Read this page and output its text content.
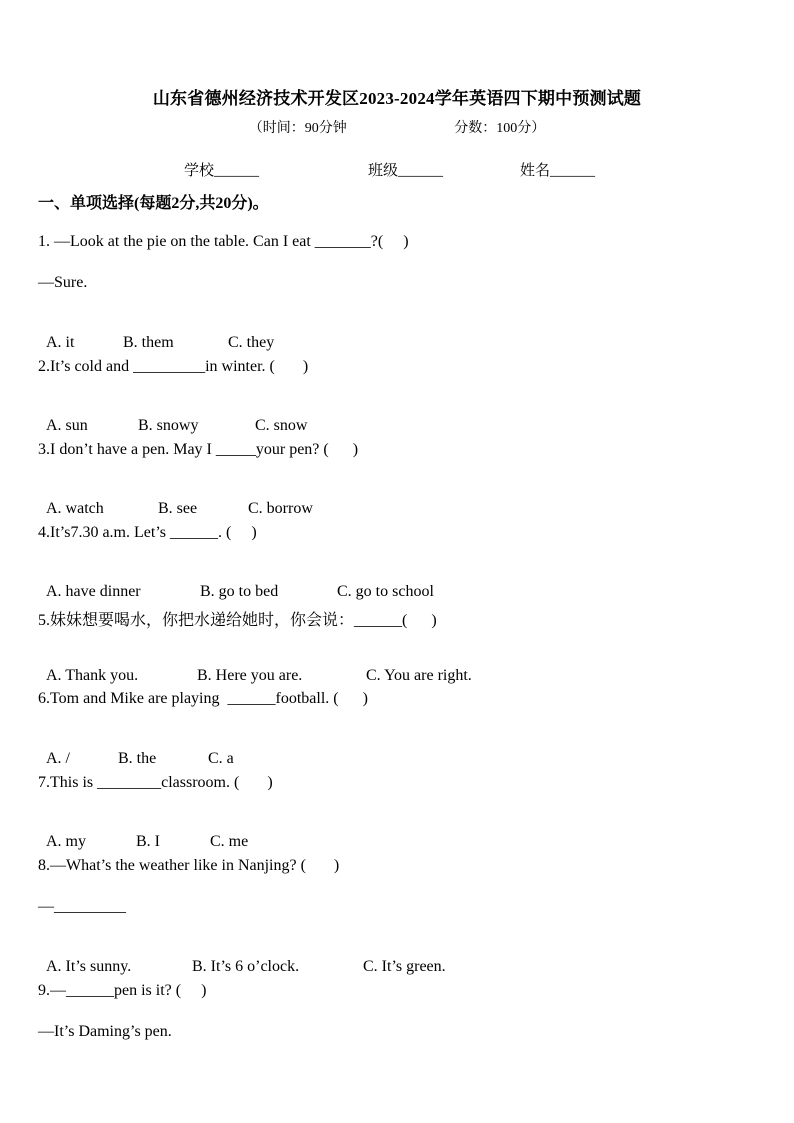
山东省德州经济技术开发区2023-2024学年英语四下期中预测试题
（时间：90分钟	分数：100分）
学校______	班级______	姓名______
一、单项选择(每题2分,共20分)。
1. —Look at the pie on the table. Can I eat _______?(     )
—Sure.

A. it	B. them	C. they

2.It’s cold and _________in winter. (       )

A. sun	B. snowy	C. snow

3.I don’t have a pen. May I _____your pen? (      )

A. watch	B. see	C. borrow

4.It’s7.30 a.m. Let’s ______. (     )

A. have dinner	B. go to bed	C. go to school

5.妹妹想要喝水，你把水递给她时，你会说：______(      )

A. Thank you.	B. Here you are.	C. You are right.

6.Tom and Mike are playing  ______football. (      )

A. /	B. the	C. a

7.This is ________classroom. (       )

A. my	B. I	C. me

8.—What’s the weather like in Nanjing? (       )
—_________

A. It’s sunny.	B. It’s 6 o’clock.	C. It’s green.

9.—______pen is it? (     )
—It’s Daming’s pen.
